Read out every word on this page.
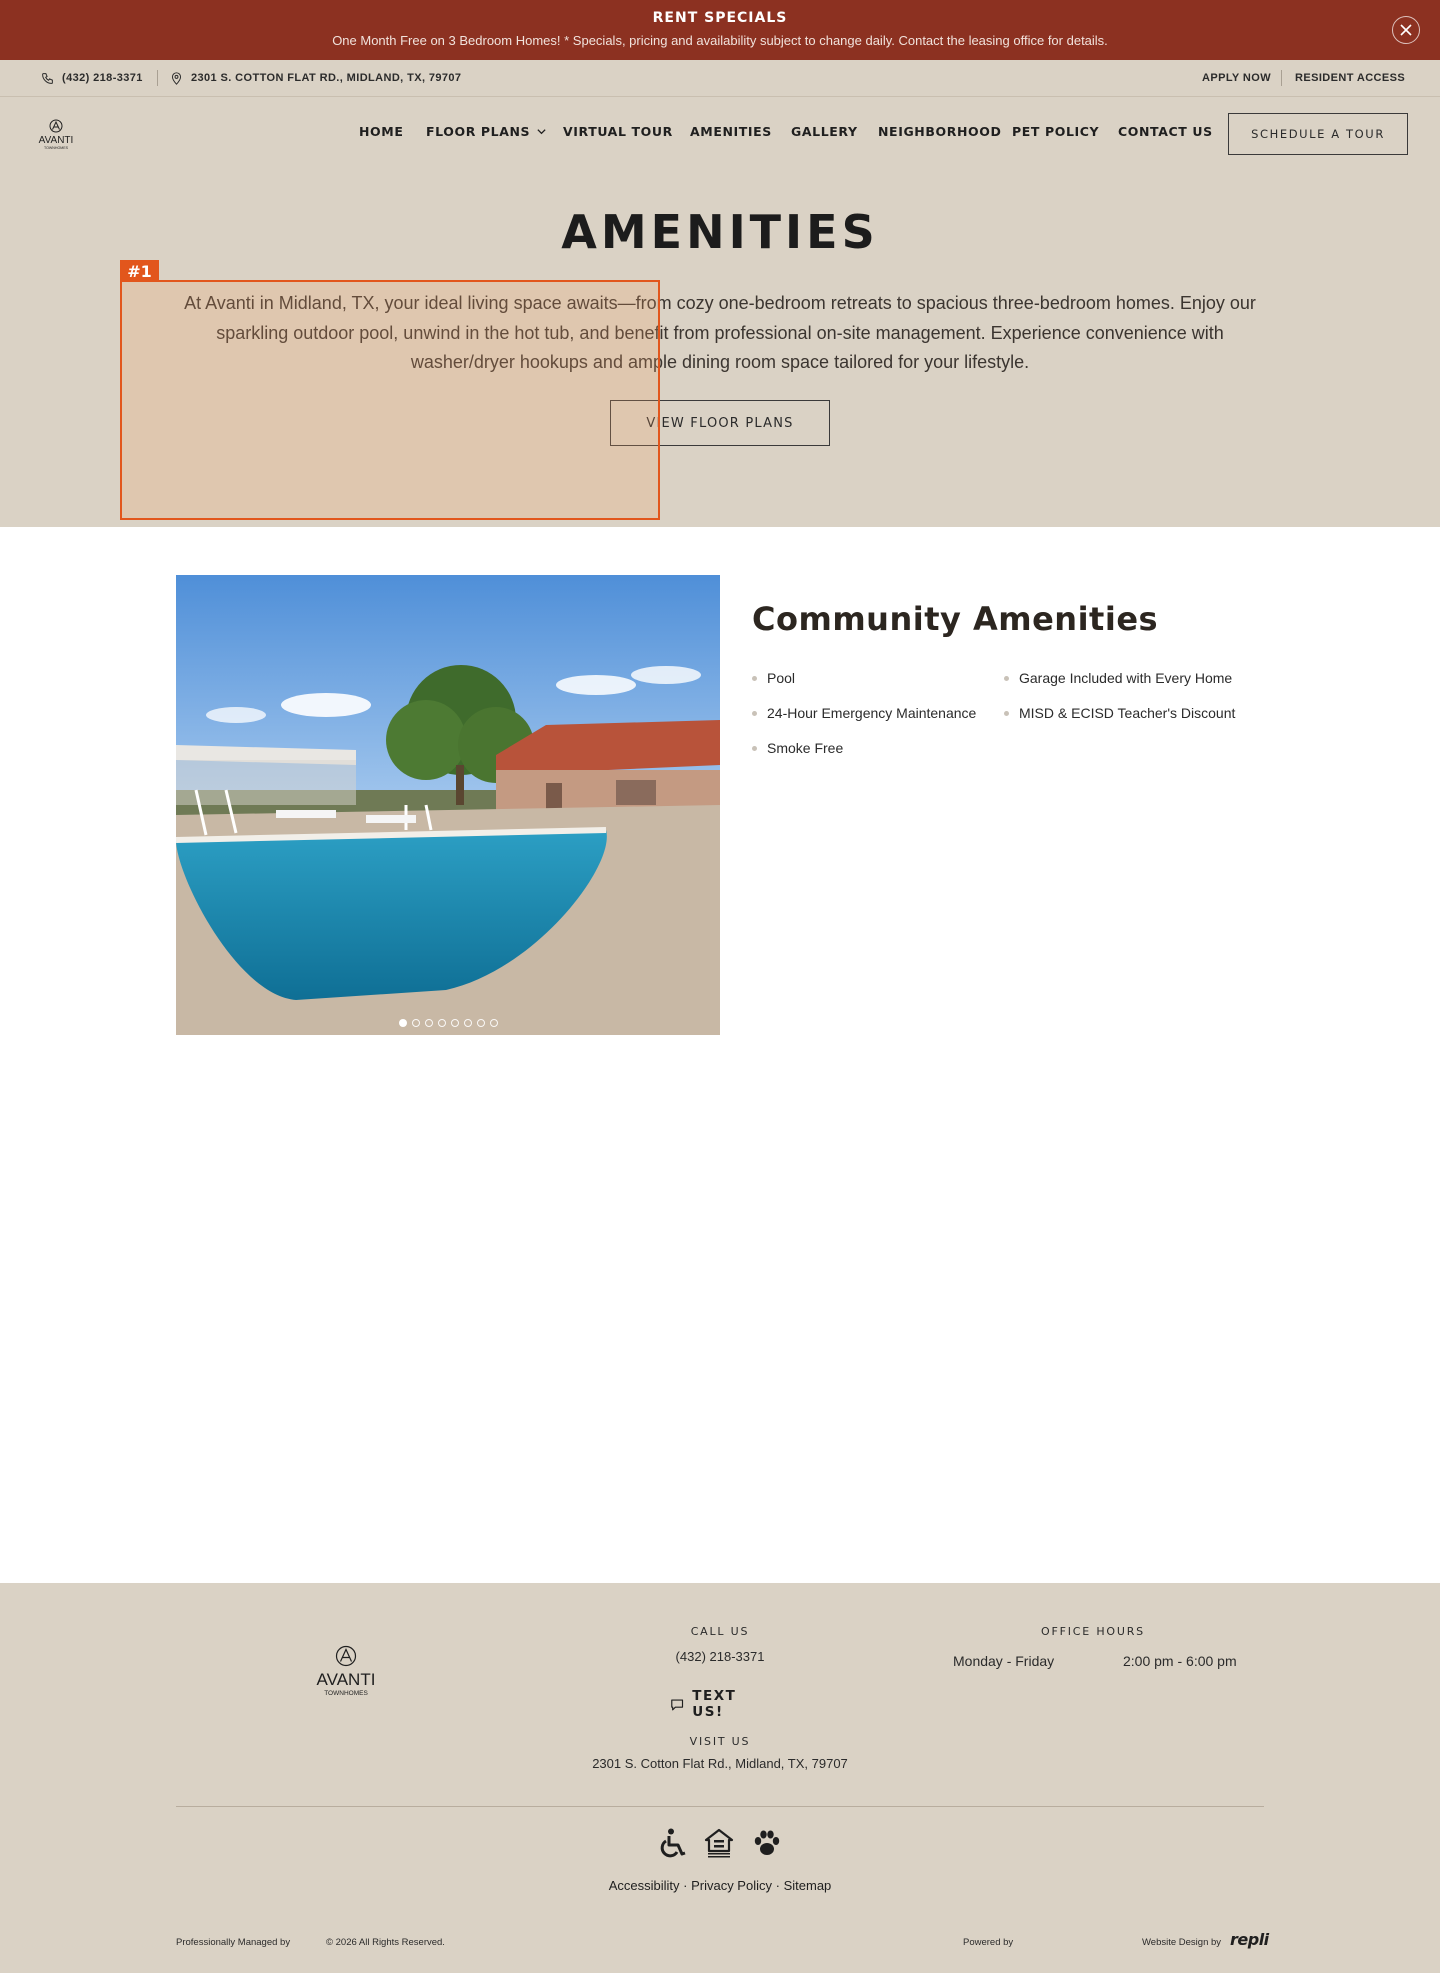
RENT SPECIALS
One Month Free on 3 Bedroom Homes! * Specials, pricing and availability subject to change daily. Contact the leasing office for details.
(432) 218-3371	2301 S. COTTON FLAT RD., MIDLAND, TX, 79707	APPLY NOW RESIDENT ACCESS
AVANTI
TOWNHOMES
HOME FLOOR PLANS	VIRTUAL TOUR AMENITIES GALLERY NEIGHBORHOOD PET POLICY CONTACT US	SCHEDULE A TOUR
AMENITIES
At Avanti in Midland, TX, your ideal living space awaits—from cozy one-bedroom retreats to spacious three-bedroom homes. Enjoy our sparkling outdoor pool, unwind in the hot tub, and benefit from professional on-site management. Experience convenience with washer/dryer hookups and ample dining room space tailored for your lifestyle.
VIEW FLOOR PLANS
#1
Community Amenities
Pool
24-Hour Emergency Maintenance
Smoke Free
Garage Included with Every Home
MISD & ECISD Teacher's Discount
AVANTI
TOWNHOMES
CALL US
(432) 218-3371
TEXT US!
VISIT US
2301 S. Cotton Flat Rd., Midland, TX, 79707
OFFICE HOURS
Monday - Friday	2:00 pm - 6:00 pm
Accessibility · Privacy Policy · Sitemap
Professionally Managed by	© 2026 All Rights Reserved.	Powered by	Website Design by repli
